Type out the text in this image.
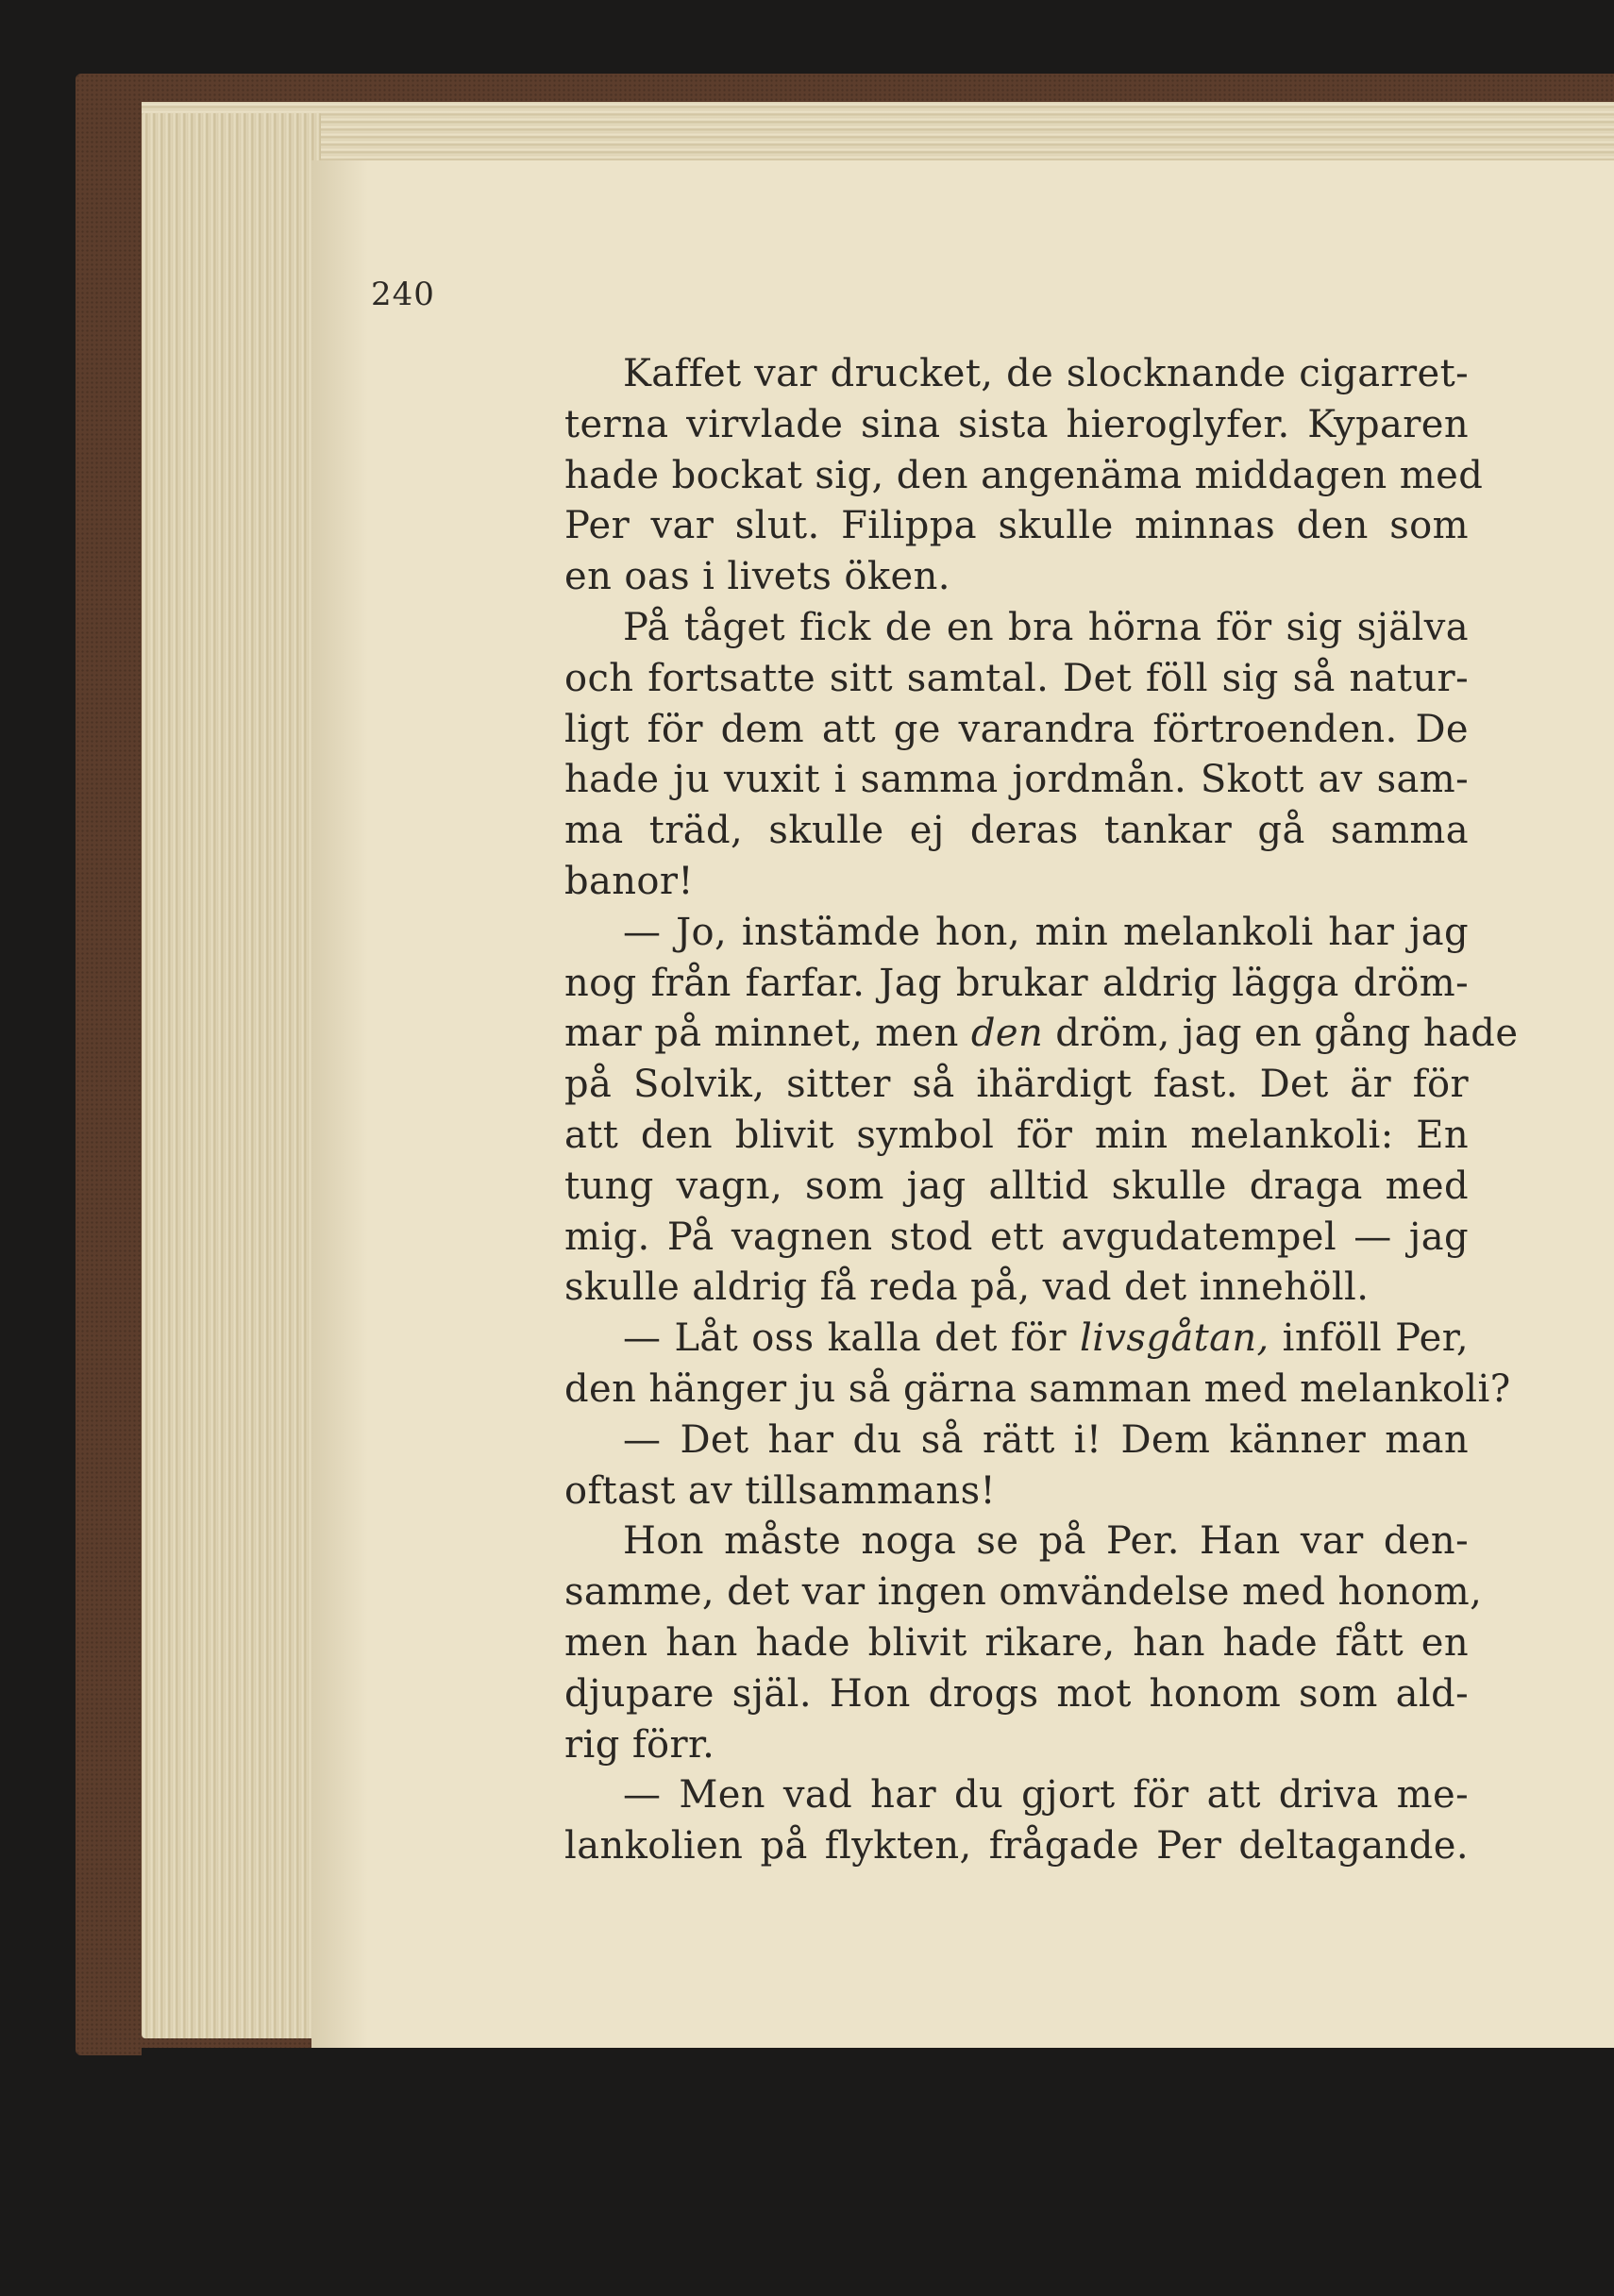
240

Kaffet var drucket, de slocknande cigarret-
terna virvlade sina sista hieroglyfer. Kyparen
hade bockat sig, den angenäma middagen med
Per var slut. Filippa skulle minnas den som
en oas i livets öken.

På tåget fick de en bra hörna för sig själva
och fortsatte sitt samtal. Det föll sig så natur-
ligt för dem att ge varandra förtroenden. De
hade ju vuxit i samma jordmån. Skott av sam-
ma träd, skulle ej deras tankar gå samma
banor!

— Jo, instämde hon, min melankoli har jag
nog från farfar. Jag brukar aldrig lägga dröm-
mar på minnet, men den dröm, jag en gång hade
på Solvik, sitter så ihärdigt fast. Det är för
att den blivit symbol för min melankoli: En
tung vagn, som jag alltid skulle draga med
mig. På vagnen stod ett avgudatempel — jag
skulle aldrig få reda på, vad det innehöll.

— Låt oss kalla det för livsgåtan, inföll Per,
den hänger ju så gärna samman med melankoli?

— Det har du så rätt i! Dem känner man
oftast av tillsammans!

Hon måste noga se på Per. Han var den-
samme, det var ingen omvändelse med honom,
men han hade blivit rikare, han hade fått en
djupare själ. Hon drogs mot honom som ald-
rig förr.

— Men vad har du gjort för att driva me-
lankolien på flykten, frågade Per deltagande.
